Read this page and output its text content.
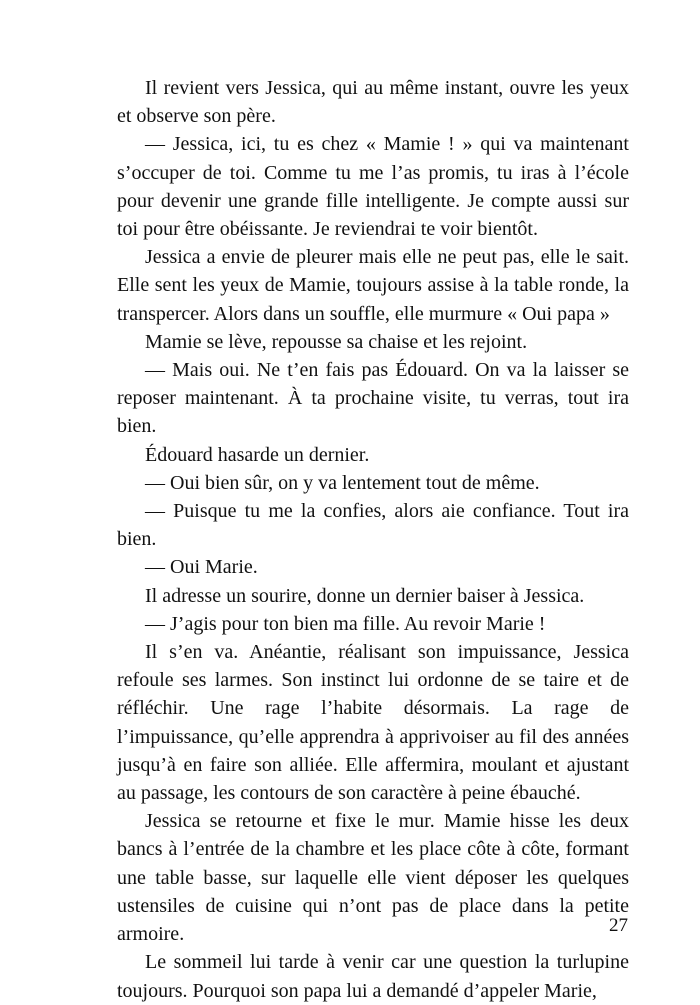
Il revient vers Jessica, qui au même instant, ouvre les yeux et observe son père.

— Jessica, ici, tu es chez « Mamie ! » qui va maintenant s’occuper de toi. Comme tu me l’as promis, tu iras à l’école pour devenir une grande fille intelligente. Je compte aussi sur toi pour être obéissante. Je reviendrai te voir bientôt.

Jessica a envie de pleurer mais elle ne peut pas, elle le sait. Elle sent les yeux de Mamie, toujours assise à la table ronde, la transpercer. Alors dans un souffle, elle murmure « Oui papa »

Mamie se lève, repousse sa chaise et les rejoint.

— Mais oui. Ne t’en fais pas Édouard. On va la laisser se reposer maintenant. À ta prochaine visite, tu verras, tout ira bien.

Édouard hasarde un dernier.

— Oui bien sûr, on y va lentement tout de même.

— Puisque tu me la confies, alors aie confiance. Tout ira bien.

— Oui Marie.

Il adresse un sourire, donne un dernier baiser à Jessica.

— J’agis pour ton bien ma fille. Au revoir Marie !

Il s’en va. Anéantie, réalisant son impuissance, Jessica refoule ses larmes. Son instinct lui ordonne de se taire et de réfléchir. Une rage l’habite désormais. La rage de l’impuissance, qu’elle apprendra à apprivoiser au fil des années jusqu’à en faire son alliée. Elle affermira, moulant et ajustant au passage, les contours de son caractère à peine ébauché.

Jessica se retourne et fixe le mur. Mamie hisse les deux bancs à l’entrée de la chambre et les place côte à côte, formant une table basse, sur laquelle elle vient déposer les quelques ustensiles de cuisine qui n’ont pas de place dans la petite armoire.

Le sommeil lui tarde à venir car une question la turlupine toujours. Pourquoi son papa lui a demandé d’appeler Marie,

27
